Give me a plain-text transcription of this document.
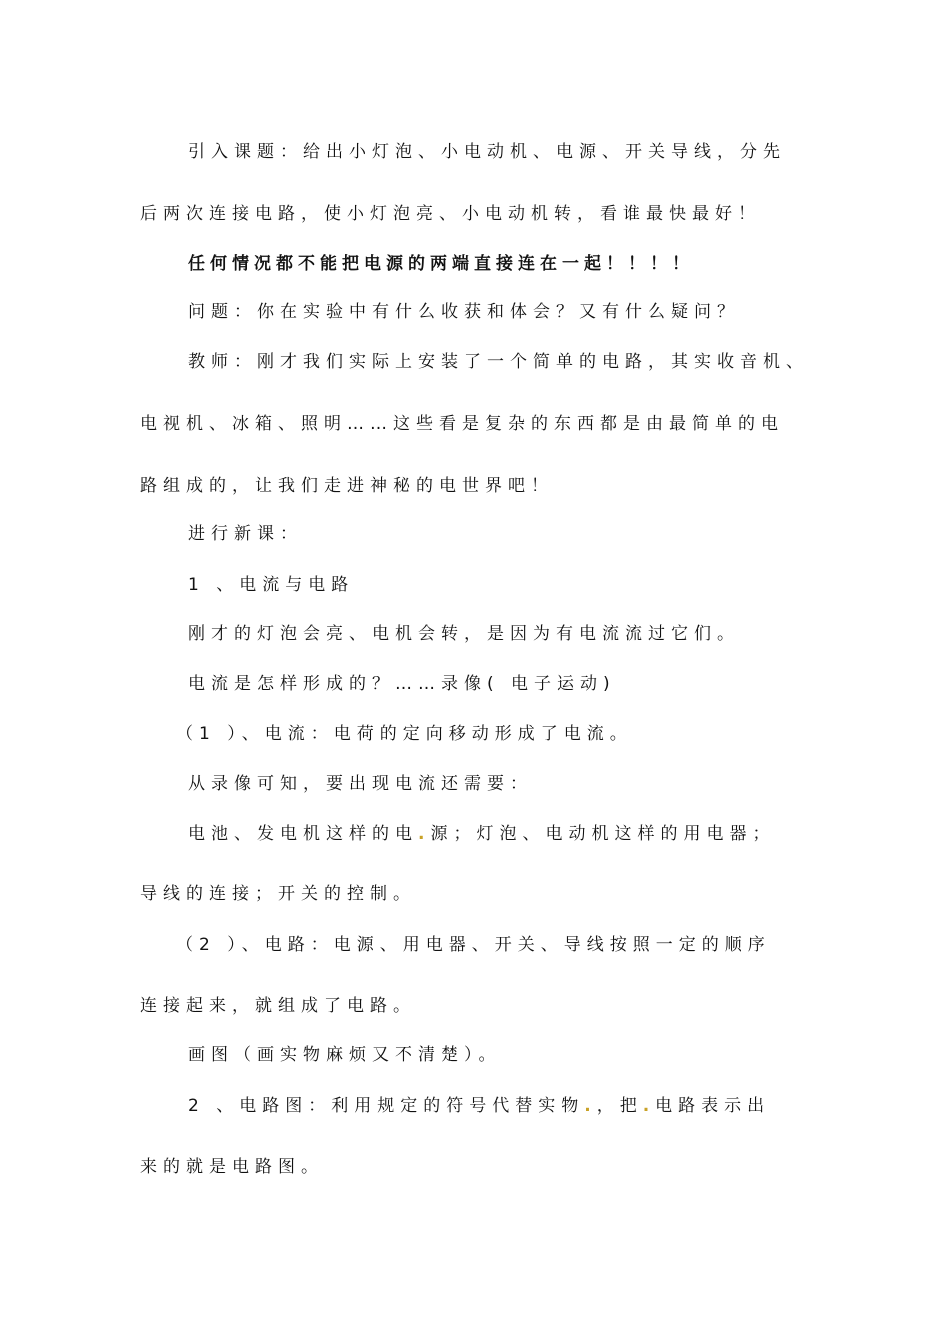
引入课题：给出小灯泡、小电动机、电源、开关导线，分先
后两次连接电路，使小灯泡亮、小电动机转，看谁最快最好！
任何情况都不能把电源的两端直接连在一起！！！！
问题：你在实验中有什么收获和体会？又有什么疑问？
教师：刚才我们实际上安装了一个简单的电路，其实收音机、
电视机、冰箱、照明……这些看是复杂的东西都是由最简单的电
路组成的，让我们走进神秘的电世界吧！
进行新课：
1 、电流与电路
刚才的灯泡会亮、电机会转，是因为有电流流过它们。
电流是怎样形成的？……录像( 电子运动)
（1 ）、电流：电荷的定向移动形成了电流。
从录像可知，要出现电流还需要：
电池、发电机这样的电.源；灯泡、电动机这样的用电器；
导线的连接；开关的控制。
（2 ）、电路：电源、用电器、开关、导线按照一定的顺序
连接起来，就组成了电路。
画图（画实物麻烦又不清楚）。
2 、电路图：利用规定的符号代替实物.，把.电路表示出
来的就是电路图。
